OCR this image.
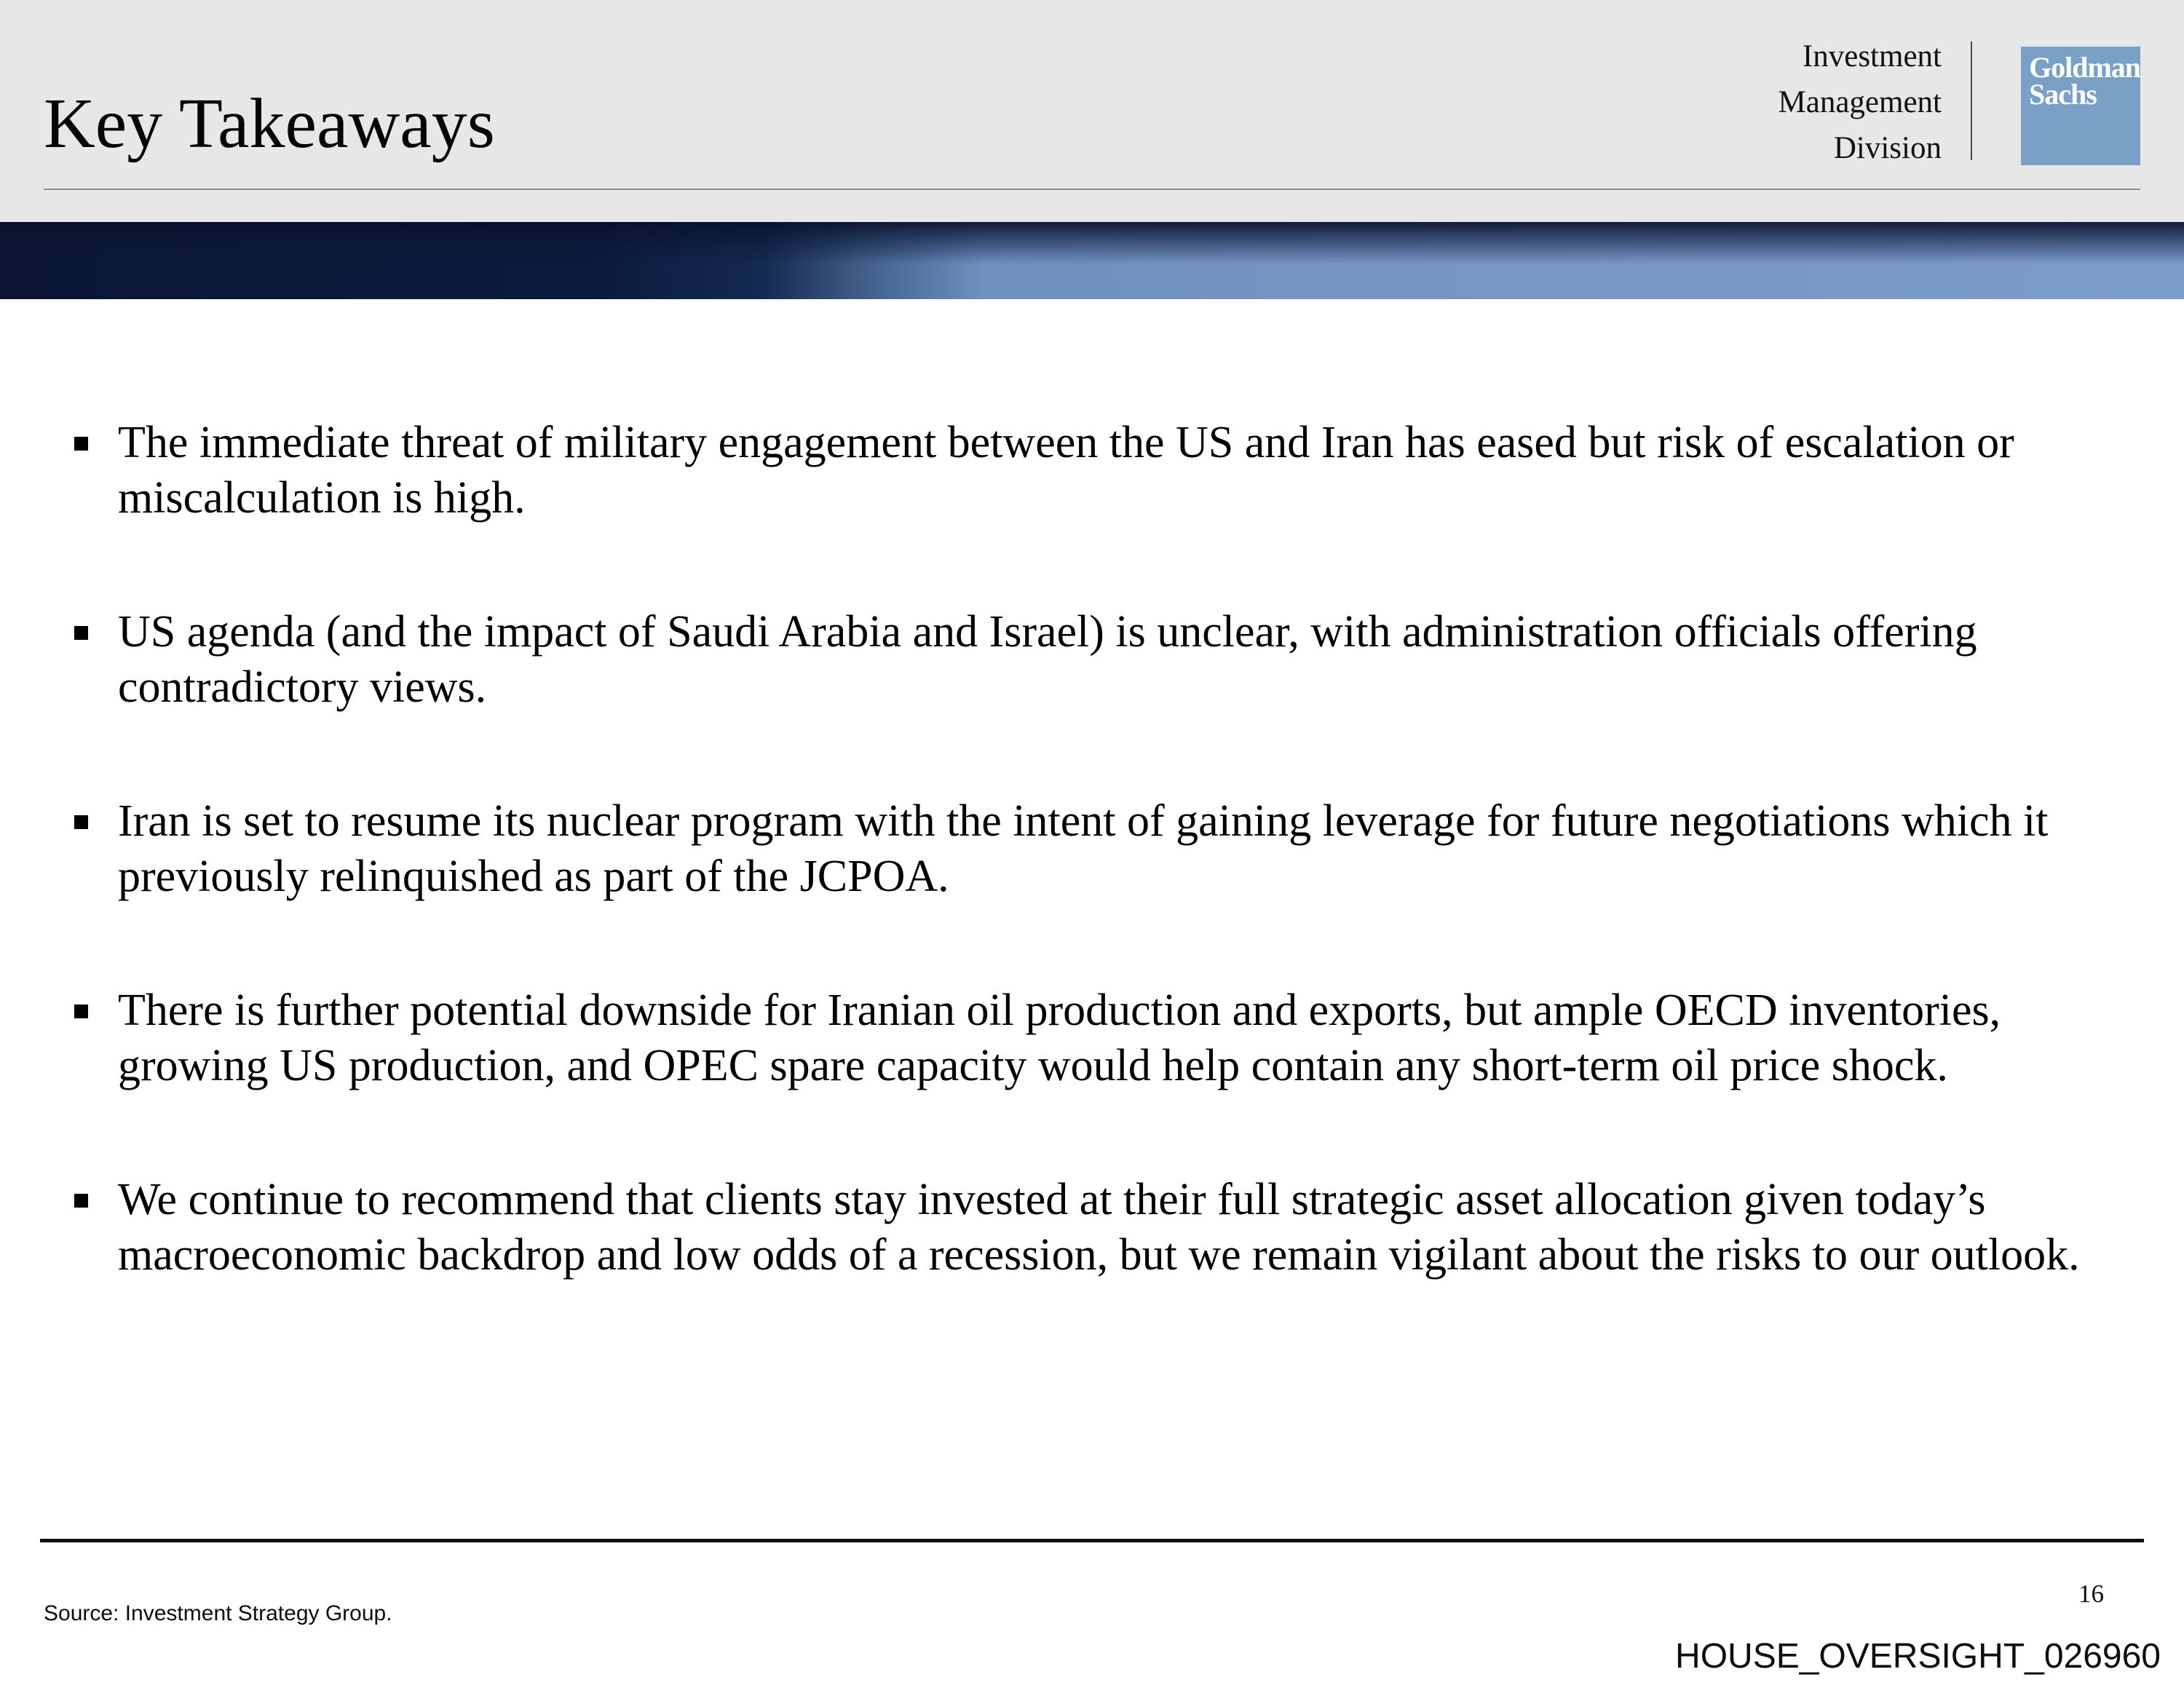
Key Takeaways
Investment
Management
Division
Goldman
Sachs
The immediate threat of military engagement between the US and Iran has eased but risk of escalation or miscalculation is high.
US agenda (and the impact of Saudi Arabia and Israel) is unclear, with administration officials offering contradictory views.
Iran is set to resume its nuclear program with the intent of gaining leverage for future negotiations which it previously relinquished as part of the JCPOA.
There is further potential downside for Iranian oil production and exports, but ample OECD inventories, growing US production, and OPEC spare capacity would help contain any short-term oil price shock.
We continue to recommend that clients stay invested at their full strategic asset allocation given today’s macroeconomic backdrop and low odds of a recession, but we remain vigilant about the risks to our outlook.
Source: Investment Strategy Group.
16
HOUSE_OVERSIGHT_026960
